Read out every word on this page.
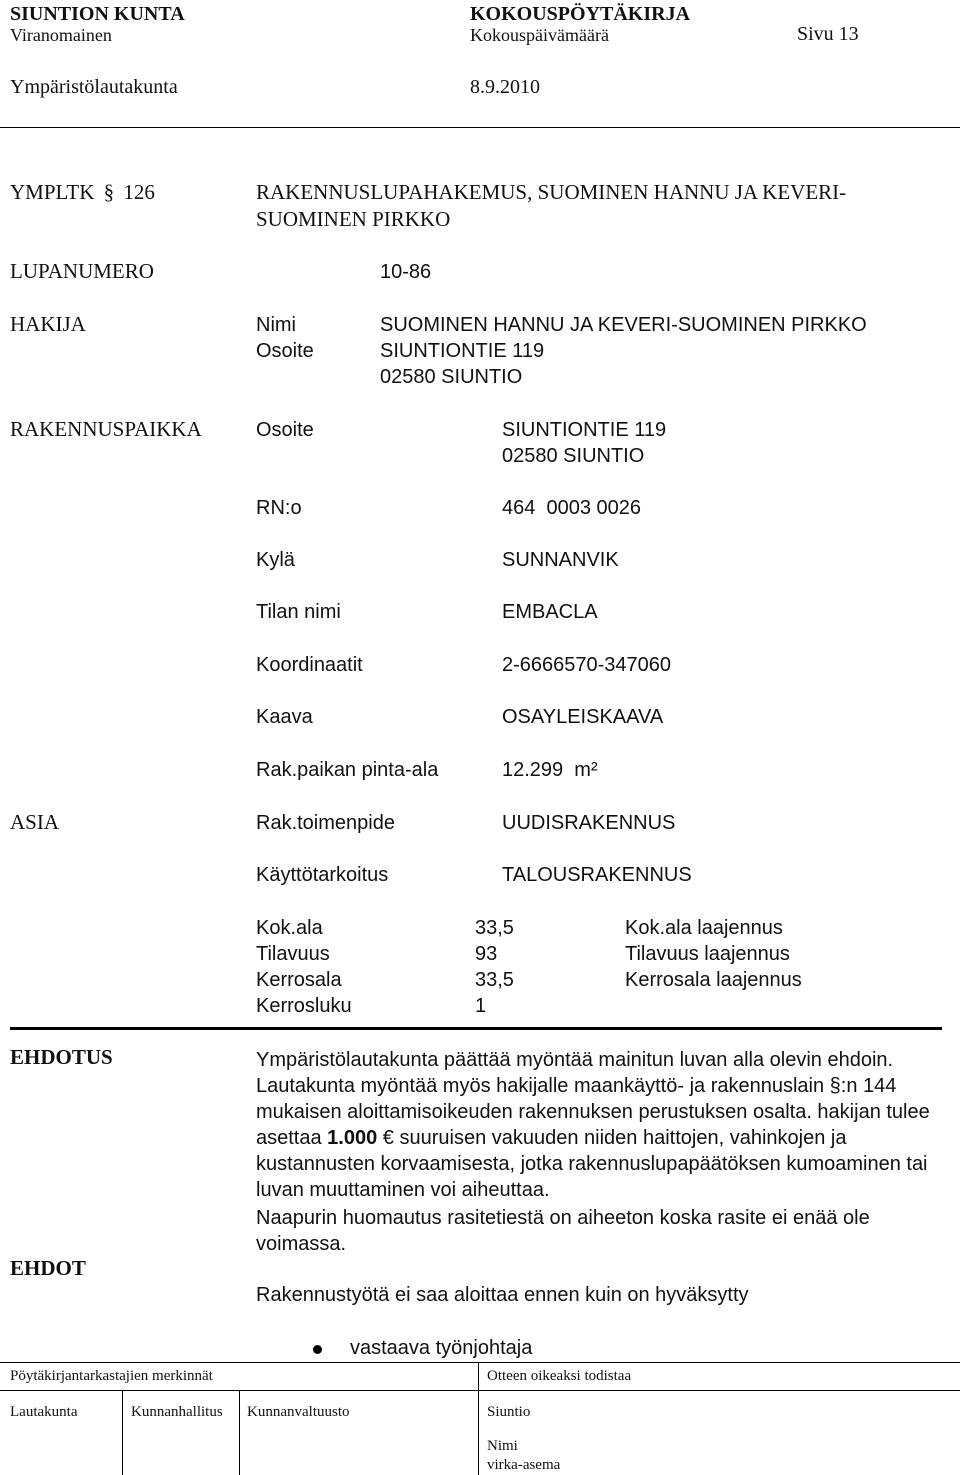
SIUNTION KUNTA	KOKOUSPÖYTÄKIRJA
Viranomainen	Kokouspäivämäärä	Sivu 13
Ympäristölautakunta	8.9.2010
YMPLTK § 126	RAKENNUSLUPAHAKEMUS, SUOMINEN HANNU JA KEVERI-
SUOMINEN PIRKKO
LUPANUMERO	10-86
HAKIJA	Nimi	SUOMINEN HANNU JA KEVERI-SUOMINEN PIRKKO
Osoite	SIUNTIONTIE 119
02580 SIUNTIO
RAKENNUSPAIKKA	Osoite	SIUNTIONTIE 119
02580 SIUNTIO
RN:o	464  0003 0026
Kylä	SUNNANVIK
Tilan nimi	EMBACLA
Koordinaatit	2-6666570-347060
Kaava	OSAYLEISKAAVA
Rak.paikan pinta-ala	12.299  m²
ASIA	Rak.toimenpide	UUDISRAKENNUS
Käyttötarkoitus	TALOUSRAKENNUS
Kok.ala	33,5	Kok.ala laajennus
Tilavuus	93	Tilavuus laajennus
Kerrosala	33,5	Kerrosala laajennus
Kerrosluku	1
EHDOTUS	Ympäristölautakunta päättää myöntää mainitun luvan alla olevin ehdoin. Lautakunta myöntää myös hakijalle maankäyttö- ja rakennuslain §:n 144 mukaisen aloittamisoikeuden rakennuksen perustuksen osalta. hakijan tulee asettaa 1.000 € suuruisen vakuuden niiden haittojen, vahinkojen ja kustannusten korvaamisesta, jotka rakennuslupapäätöksen kumoaminen tai luvan muuttaminen voi aiheuttaa.
Naapurin huomautus rasitetiestä on aiheeton koska rasite ei enää ole voimassa.
EHDOT
Rakennustyötä ei saa aloittaa ennen kuin on hyväksytty
vastaava työnjohtaja
Pöytäkirjantarkastajien merkinnät	Otteen oikeaksi todistaa
Lautakunta	Kunnanhallitus Kunnanvaltuusto	Siuntio
Nimi
virka-asema
